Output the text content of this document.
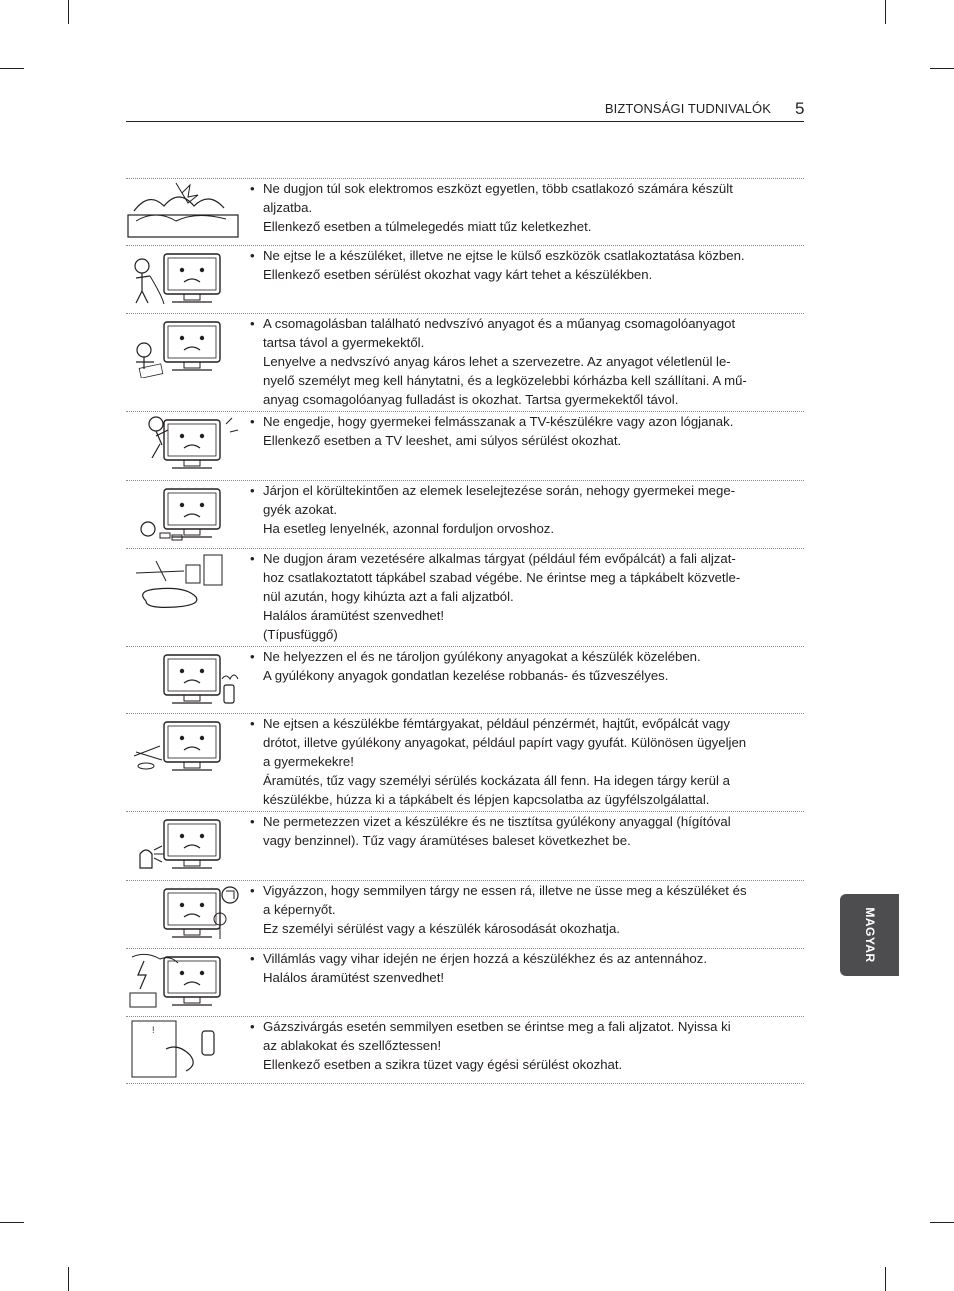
BIZTONSÁGI TUDNIVALÓK 5
• Ne dugjon túl sok elektromos eszközt egyetlen, több csatlakozó számára készült
aljzatba.
Ellenkező esetben a túlmelegedés miatt tűz keletkezhet.
• Ne ejtse le a készüléket, illetve ne ejtse le külső eszközök csatlakoztatása közben.
Ellenkező esetben sérülést okozhat vagy kárt tehet a készülékben.
• A csomagolásban található nedvszívó anyagot és a műanyag csomagolóanyagot
tartsa távol a gyermekektől.
Lenyelve a nedvszívó anyag káros lehet a szervezetre. Az anyagot véletlenül le-
nyelő személyt meg kell hánytatni, és a legközelebbi kórházba kell szállítani. A mű-
anyag csomagolóanyag fulladást is okozhat. Tartsa gyermekektől távol.
• Ne engedje, hogy gyermekei felmásszanak a TV-készülékre vagy azon lógjanak.
Ellenkező esetben a TV leeshet, ami súlyos sérülést okozhat.
• Járjon el körültekintően az elemek leselejtezése során, nehogy gyermekei mege-
gyék azokat.
Ha esetleg lenyelnék, azonnal forduljon orvoshoz.
• Ne dugjon áram vezetésére alkalmas tárgyat (például fém evőpálcát) a fali aljzat-
hoz csatlakoztatott tápkábel szabad végébe. Ne érintse meg a tápkábelt közvetle-
nül azután, hogy kihúzta azt a fali aljzatból.
Halálos áramütést szenvedhet!
(Típusfüggő)
• Ne helyezzen el és ne tároljon gyúlékony anyagokat a készülék közelében.
A gyúlékony anyagok gondatlan kezelése robbanás- és tűzveszélyes.
• Ne ejtsen a készülékbe fémtárgyakat, például pénzérmét, hajtűt, evőpálcát vagy
drótot, illetve gyúlékony anyagokat, például papírt vagy gyufát. Különösen ügyeljen
a gyermekekre!
Áramütés, tűz vagy személyi sérülés kockázata áll fenn. Ha idegen tárgy kerül a
készülékbe, húzza ki a tápkábelt és lépjen kapcsolatba az ügyfélszolgálattal.
• Ne permetezzen vizet a készülékre és ne tisztítsa gyúlékony anyaggal (hígítóval
vagy benzinnel). Tűz vagy áramütéses baleset következhet be.
• Vigyázzon, hogy semmilyen tárgy ne essen rá, illetve ne üsse meg a készüléket és
a képernyőt.
Ez személyi sérülést vagy a készülék károsodását okozhatja.
• Villámlás vagy vihar idején ne érjen hozzá a készülékhez és az antennához.
Halálos áramütést szenvedhet!
!	• Gázszivárgás esetén semmilyen esetben se érintse meg a fali aljzatot. Nyissa ki
az ablakokat és szellőztessen!
Ellenkező esetben a szikra tüzet vagy égési sérülést okozhat.
MAGYAR
